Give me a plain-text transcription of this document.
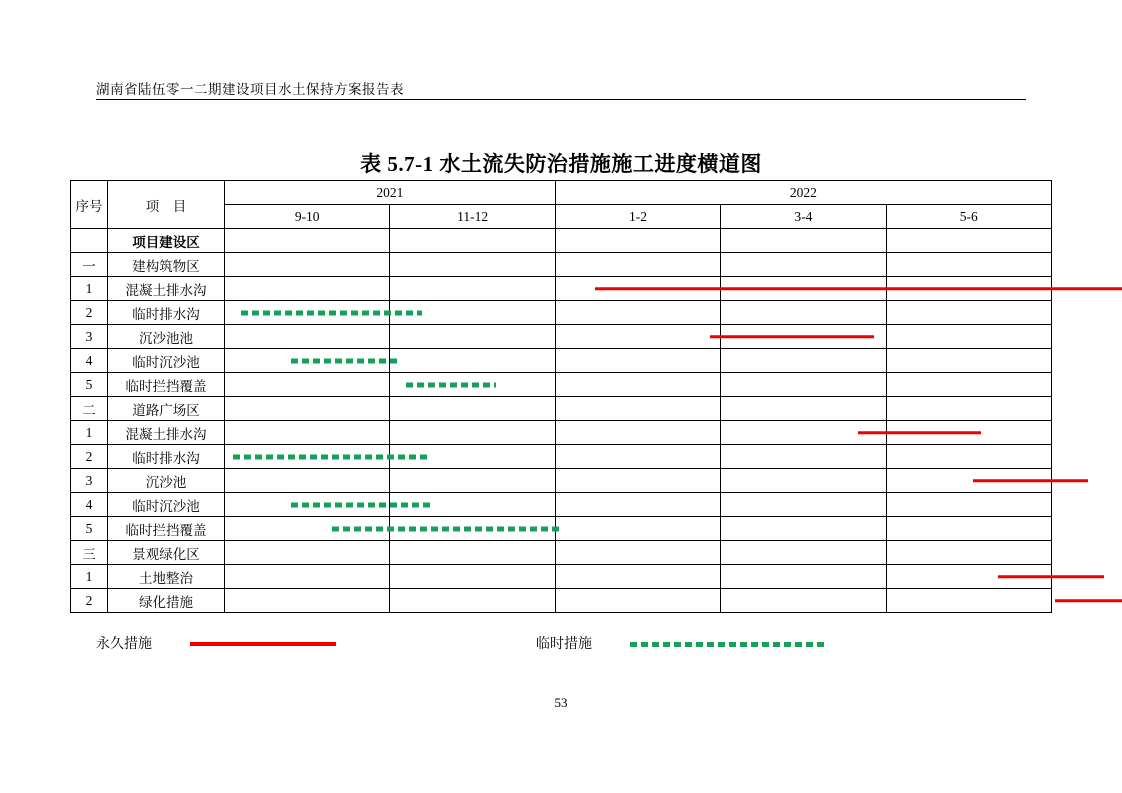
湖南省陆伍零一二期建设项目水土保持方案报告表
表 5.7-1 水土流失防治措施施工进度横道图
序号	项　目	2021		2022		
		9-10	11-12	1-2	3-4	5-6
	项目建设区					
一	建构筑物区					
1	混凝土排水沟	

2	临时排水沟	

3	沉沙池池	

4	临时沉沙池	

5	临时拦挡覆盖	

二	道路广场区					
1	混凝土排水沟	

2	临时排水沟	

3	沉沙池	

4	临时沉沙池	

5	临时拦挡覆盖	

三	景观绿化区					
1	土地整治	

2	绿化措施	

永久措施	临时措施
53
